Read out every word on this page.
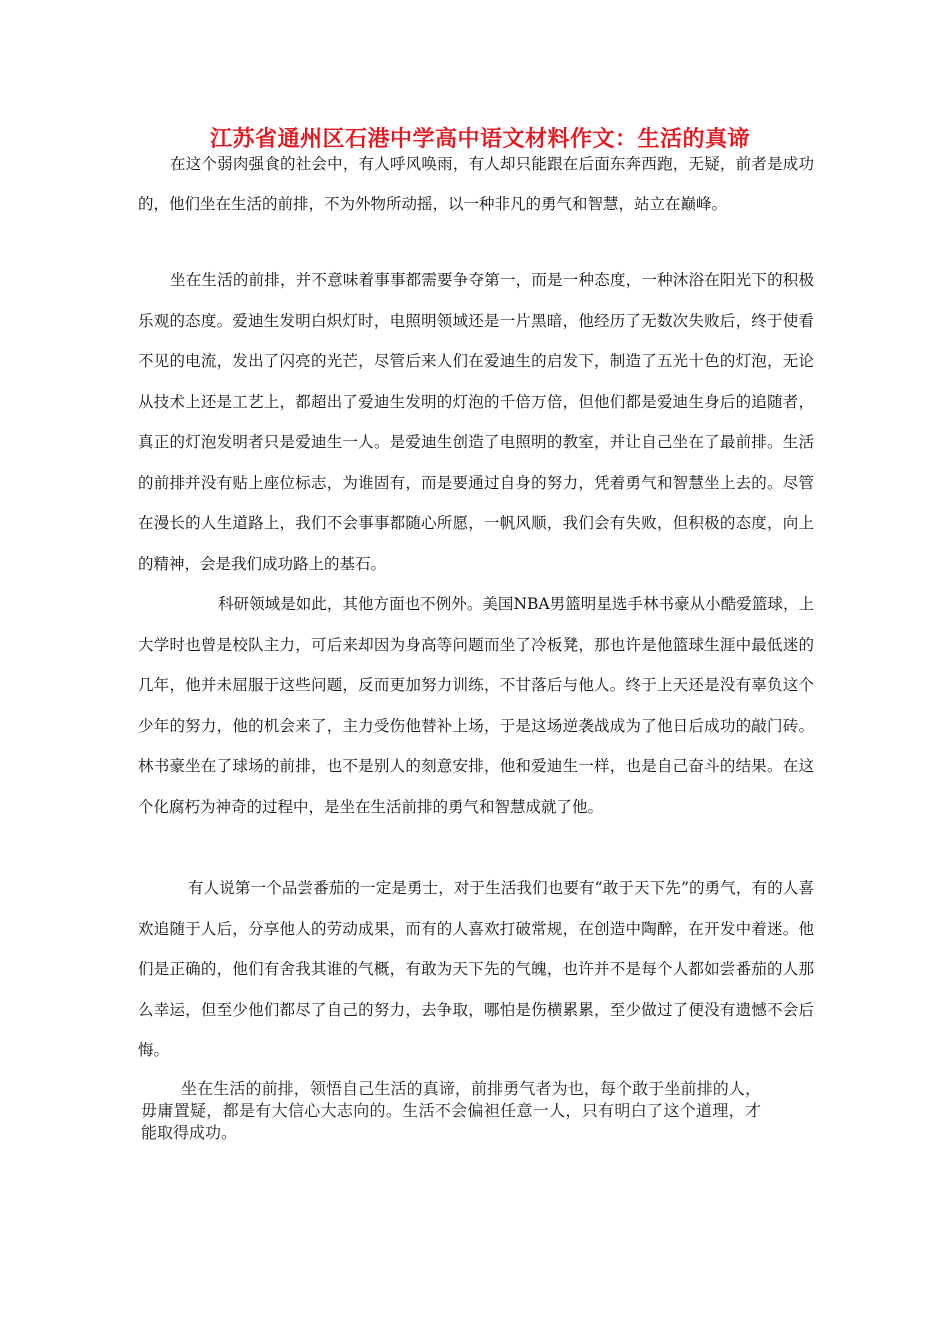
江苏省通州区石港中学高中语文材料作文：生活的真谛
在这个弱肉强食的社会中，有人呼风唤雨，有人却只能跟在后面东奔西跑，无疑，前者是成功的，他们坐在生活的前排，不为外物所动摇，以一种非凡的勇气和智慧，站立在巅峰。
坐在生活的前排，并不意味着事事都需要争夺第一，而是一种态度，一种沐浴在阳光下的积极乐观的态度。爱迪生发明白炽灯时，电照明领域还是一片黑暗，他经历了无数次失败后，终于使看不见的电流，发出了闪亮的光芒，尽管后来人们在爱迪生的启发下，制造了五光十色的灯泡，无论从技术上还是工艺上，都超出了爱迪生发明的灯泡的千倍万倍，但他们都是爱迪生身后的追随者，真正的灯泡发明者只是爱迪生一人。是爱迪生创造了电照明的教室，并让自己坐在了最前排。生活的前排并没有贴上座位标志，为谁固有，而是要通过自身的努力，凭着勇气和智慧坐上去的。尽管在漫长的人生道路上，我们不会事事都随心所愿，一帆风顺，我们会有失败，但积极的态度，向上的精神，会是我们成功路上的基石。
科研领域是如此，其他方面也不例外。美国NBA男篮明星选手林书豪从小酷爱篮球，上大学时也曾是校队主力，可后来却因为身高等问题而坐了冷板凳，那也许是他篮球生涯中最低迷的几年，他并未屈服于这些问题，反而更加努力训练，不甘落后与他人。终于上天还是没有辜负这个少年的努力，他的机会来了，主力受伤他替补上场，于是这场逆袭战成为了他日后成功的敲门砖。林书豪坐在了球场的前排，也不是别人的刻意安排，他和爱迪生一样，也是自己奋斗的结果。在这个化腐朽为神奇的过程中，是坐在生活前排的勇气和智慧成就了他。
有人说第一个品尝番茄的一定是勇士，对于生活我们也要有“敢于天下先”的勇气，有的人喜欢追随于人后，分享他人的劳动成果，而有的人喜欢打破常规，在创造中陶醉，在开发中着迷。他们是正确的，他们有舍我其谁的气概，有敢为天下先的气魄，也许并不是每个人都如尝番茄的人那么幸运，但至少他们都尽了自己的努力，去争取，哪怕是伤横累累，至少做过了便没有遗憾不会后悔。
坐在生活的前排，领悟自己生活的真谛，前排勇气者为也，每个敢于坐前排的人，毋庸置疑，都是有大信心大志向的。生活不会偏袒任意一人，只有明白了这个道理，才能取得成功。
